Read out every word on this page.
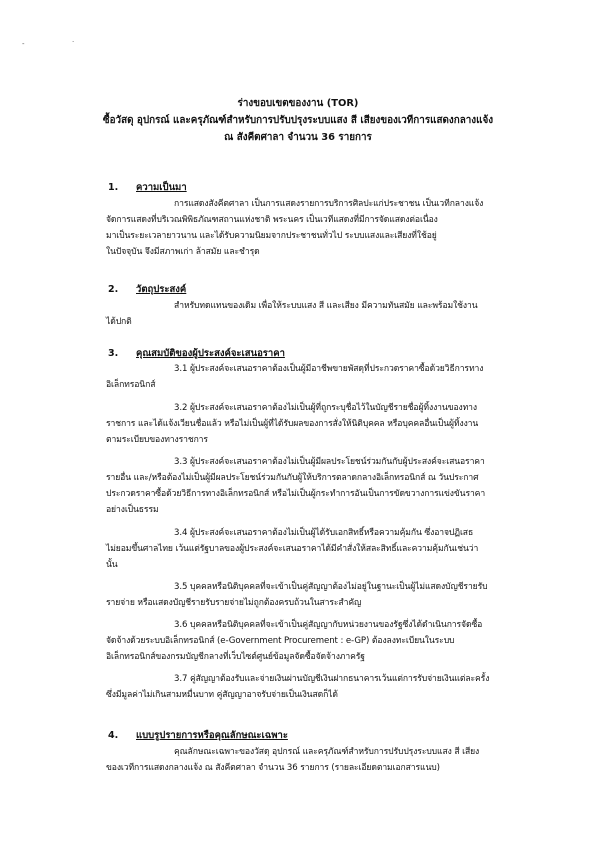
-	.
ร่างขอบเขตของงาน (TOR)
ซื้อวัสดุ อุปกรณ์ และครุภัณฑ์สำหรับการปรับปรุงระบบแสง สี เสียงของเวทีการแสดงกลางแจ้ง
ณ สังคีตศาลา จำนวน 36 รายการ
1. ความเป็นมา
การแสดงสังคีตศาลา เป็นการแสดงรายการบริการศิลปะแก่ประชาชน เป็นเวทีกลางแจ้ง
จัดการแสดงที่บริเวณพิพิธภัณฑสถานแห่งชาติ พระนคร เป็นเวทีแสดงที่มีการจัดแสดงต่อเนื่อง
มาเป็นระยะเวลายาวนาน และได้รับความนิยมจากประชาชนทั่วไป ระบบแสงและเสียงที่ใช้อยู่
ในปัจจุบัน จึงมีสภาพเก่า ล้าสมัย และชำรุด
2. วัตถุประสงค์
สำหรับทดแทนของเดิม เพื่อให้ระบบแสง สี และเสียง มีความทันสมัย และพร้อมใช้งาน
ได้ปกติ
3. คุณสมบัติของผู้ประสงค์จะเสนอราคา
3.1 ผู้ประสงค์จะเสนอราคาต้องเป็นผู้มีอาชีพขายพัสดุที่ประกวดราคาซื้อด้วยวิธีการทาง
อิเล็กทรอนิกส์
3.2 ผู้ประสงค์จะเสนอราคาต้องไม่เป็นผู้ที่ถูกระบุชื่อไว้ในบัญชีรายชื่อผู้ทิ้งงานของทาง
ราชการ และได้แจ้งเวียนชื่อแล้ว หรือไม่เป็นผู้ที่ได้รับผลของการสั่งให้นิติบุคคล หรือบุคคลอื่นเป็นผู้ทิ้งงาน
ตามระเบียบของทางราชการ
3.3 ผู้ประสงค์จะเสนอราคาต้องไม่เป็นผู้มีผลประโยชน์ร่วมกันกับผู้ประสงค์จะเสนอราคา
รายอื่น และ/หรือต้องไม่เป็นผู้มีผลประโยชน์ร่วมกันกับผู้ให้บริการตลาดกลางอิเล็กทรอนิกส์ ณ วันประกาศ
ประกวดราคาซื้อด้วยวิธีการทางอิเล็กทรอนิกส์ หรือไม่เป็นผู้กระทำการอันเป็นการขัดขวางการแข่งขันราคา
อย่างเป็นธรรม
3.4 ผู้ประสงค์จะเสนอราคาต้องไม่เป็นผู้ได้รับเอกสิทธิ์หรือความคุ้มกัน ซึ่งอาจปฏิเสธ
ไม่ยอมขึ้นศาลไทย เว้นแต่รัฐบาลของผู้ประสงค์จะเสนอราคาได้มีคำสั่งให้สละสิทธิ์และความคุ้มกันเช่นว่า
นั้น
3.5 บุคคลหรือนิติบุคคลที่จะเข้าเป็นคู่สัญญาต้องไม่อยู่ในฐานะเป็นผู้ไม่แสดงบัญชีรายรับ
รายจ่าย หรือแสดงบัญชีรายรับรายจ่ายไม่ถูกต้องครบถ้วนในสาระสำคัญ
3.6 บุคคลหรือนิติบุคคลที่จะเข้าเป็นคู่สัญญากับหน่วยงานของรัฐซึ่งได้ดำเนินการจัดซื้อ
จัดจ้างด้วยระบบอิเล็กทรอนิกส์ (e-Government Procurement : e-GP) ต้องลงทะเบียนในระบบ
อิเล็กทรอนิกส์ของกรมบัญชีกลางที่เว็บไซต์ศูนย์ข้อมูลจัดซื้อจัดจ้างภาครัฐ
3.7 คู่สัญญาต้องรับและจ่ายเงินผ่านบัญชีเงินฝากธนาคารเว้นแต่การรับจ่ายเงินแต่ละครั้ง
ซึ่งมีมูลค่าไม่เกินสามหมื่นบาท คู่สัญญาอาจรับจ่ายเป็นเงินสดก็ได้
4. แบบรูปรายการหรือคุณลักษณะเฉพาะ
คุณลักษณะเฉพาะของวัสดุ อุปกรณ์ และครุภัณฑ์สำหรับการปรับปรุงระบบแสง สี เสียง
ของเวทีการแสดงกลางแจ้ง ณ สังคีตศาลา จำนวน 36 รายการ (รายละเอียดตามเอกสารแนบ)
